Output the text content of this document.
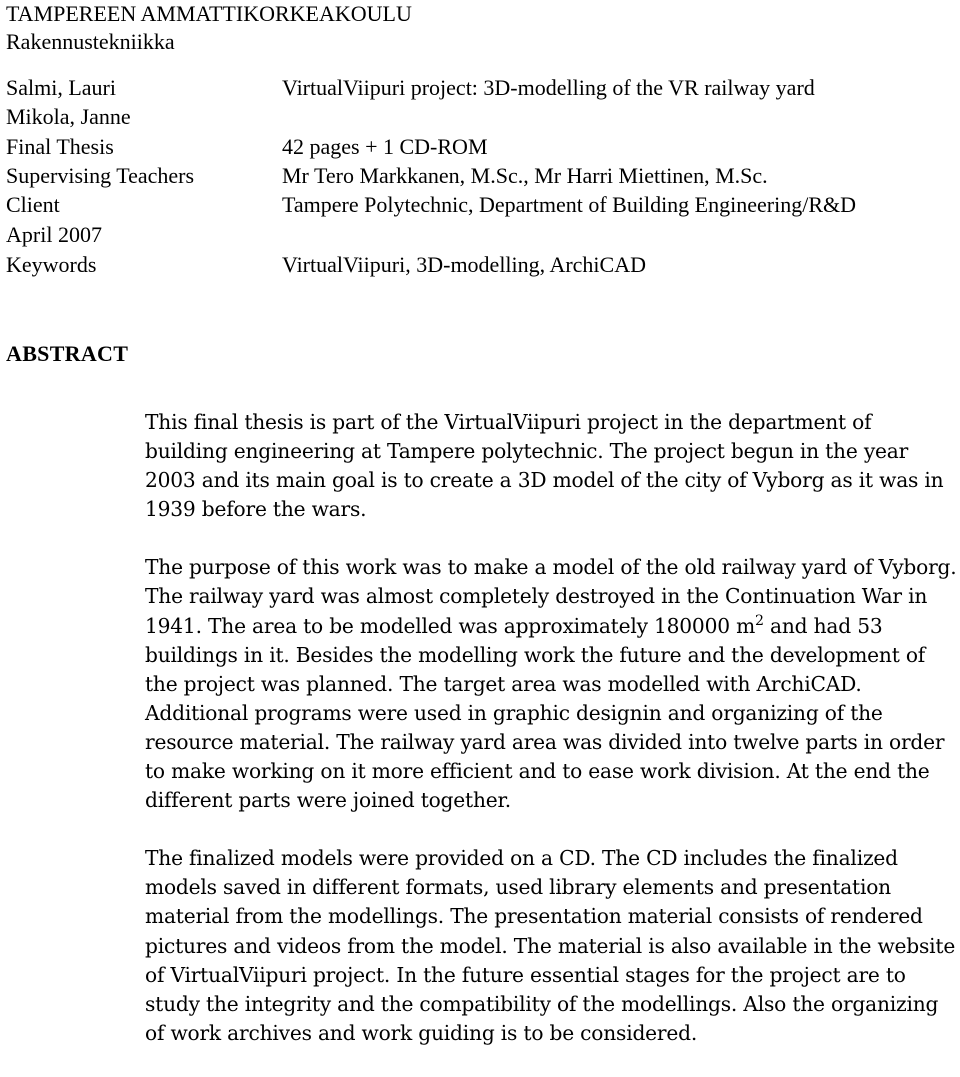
TAMPEREEN AMMATTIKORKEAKOULU
Rakennustekniikka
Salmi, Lauri	VirtualViipuri project: 3D-modelling of the VR railway yard
Mikola, Janne
Final Thesis	42 pages + 1 CD-ROM
Supervising Teachers	Mr Tero Markkanen, M.Sc., Mr Harri Miettinen, M.Sc.
Client	Tampere Polytechnic, Department of Building Engineering/R&D
April 2007
Keywords	VirtualViipuri, 3D-modelling, ArchiCAD
ABSTRACT

This final thesis is part of the VirtualViipuri project in the department of building engineering at Tampere polytechnic. The project begun in the year 2003 and its main goal is to create a 3D model of the city of Vyborg as it was in 1939 before the wars.

The purpose of this work was to make a model of the old railway yard of Vyborg. The railway yard was almost completely destroyed in the Continuation War in 1941. The area to be modelled was approximately 180000 $m^2$ and had 53 buildings in it. Besides the modelling work the future and the development of the project was planned. The target area was modelled with ArchiCAD. Additional programs were used in graphic designin and organizing of the resource material. The railway yard area was divided into twelve parts in order to make working on it more efficient and to ease work division. At the end the different parts were joined together.

The finalized models were provided on a CD. The CD includes the finalized models saved in different formats, used library elements and presentation material from the modellings. The presentation material consists of rendered pictures and videos from the model. The material is also available in the website of VirtualViipuri project. In the future essential stages for the project are to study the integrity and the compatibility of the modellings. Also the organizing of work archives and work guiding is to be considered.
